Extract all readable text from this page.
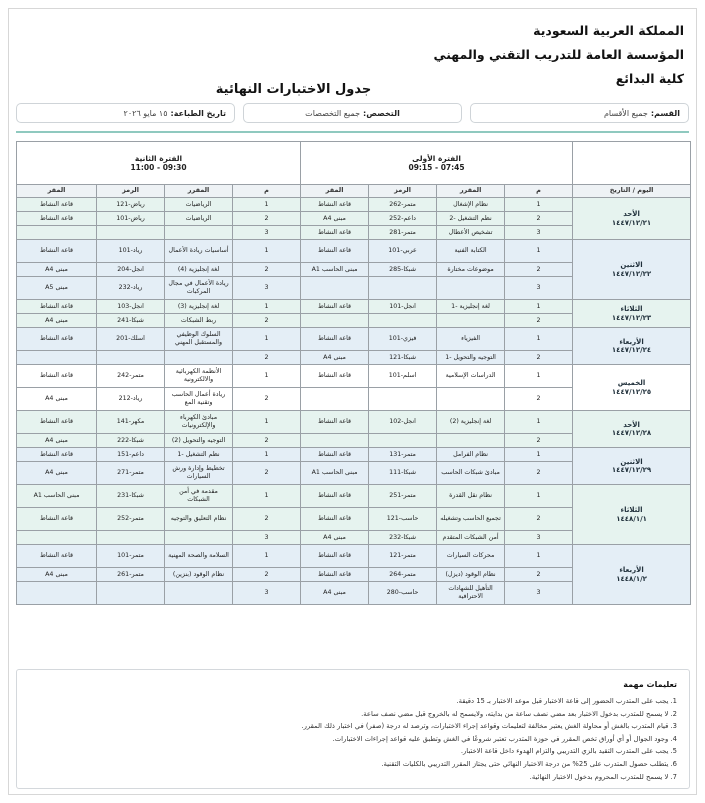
المملكة العربية السعودية
المؤسسة العامة للتدريب التقني والمهني
كلية البدائع
جدول الاختبارات النهائية
القسم:
جميع الأقسام
التخصص:
جميع التخصصات
تاريخ الطباعة:
١٥ مايو ٢٠٢٦

	الفترة الأولى
07:45 - 09:15				الفترة الثانية
09:30 - 11:00			

اليوم / التاريخ	م	المقرر	الرمز	المقر	م	المقرر	الرمز	المقر

الأحد
١٤٤٧/١٢/٢١	1	نظام الإشغال	متمر-262	قاعة النشاط	1	الرياضيات	رياض-121	قاعة النشاط
	2	نظم التشغيل -2	داعم-252	مبنى A4	2	الرياضيات	رياض-101	قاعة النشاط
	3	تشخيص الأعطال	متمر-281	قاعة النشاط	3			

الاثنين
١٤٤٧/١٢/٢٢	1	الكتابة الفنية	عربي-101	قاعة النشاط	1	أساسيات ريادة الأعمال	رياد-101	قاعة النشاط
	2	موضوعات مختارة	شبكا-285	مبنى الحاسب A1	2	لغة إنجليزية (4)	انجل-204	مبنى A4
	3				3	ريادة الأعمال في مجال المركبات	رياد-232	مبنى A5

الثلاثاء
١٤٤٧/١٢/٢٣	1	لغة إنجليزية -1	انجل-101	قاعة النشاط	1	لغة إنجليزية (3)	انجل-103	قاعة النشاط
	2				2	ربط الشبكات	شبكا-241	مبنى A4

الأربعاء
١٤٤٧/١٢/٢٤	1	الفيزياء	فيزي-101	قاعة النشاط	1	السلوك الوظيفي والمستقبل المهني	اسلك-201	قاعة النشاط
	2	التوجيه والتحويل -1	شبكا-121	مبنى A4	2			

الخميس
١٤٤٧/١٢/٢٥	1	الدراسات الإسلامية	اسلم-101	قاعة النشاط	1	الأنظمة الكهربائية والالكترونية	متمر-242	قاعة النشاط
	2				2	ريادة أعمال الحاسب وتقنية المع	رياد-212	مبنى A4

الأحد
١٤٤٧/١٢/٢٨	1	لغة إنجليزية (2)	انجل-102	قاعة النشاط	1	مبادئ الكهرباء والإلكترونيات	مكهر-141	قاعة النشاط
	2				2	التوجيه والتحويل (2)	شبكا-222	مبنى A4

الاثنين
١٤٤٧/١٢/٢٩	1	نظام الفرامل	متمر-131	قاعة النشاط	1	نظم التشغيل -1	داعم-151	قاعة النشاط
	2	مبادئ شبكات الحاسب	شبكا-111	مبنى الحاسب A1	2	تخطيط وإدارة ورش السيارات	متمر-271	مبنى A4

الثلاثاء
١٤٤٨/١/١	1	نظام نقل القدرة	متمر-251	قاعة النشاط	1	مقدمة في أمن الشبكات	شبكا-231	مبنى الحاسب A1
	2	تجميع الحاسب وتشغيله	حاسب-121	قاعة النشاط	2	نظام التعليق والتوجيه	متمر-252	قاعة النشاط
	3	أمن الشبكات المتقدم	شبكا-232	مبنى A4	3			

الأربعاء
١٤٤٨/١/٢	1	محركات السيارات	متمر-121	قاعة النشاط	1	السلامة والصحة المهنية	متمر-101	قاعة النشاط
	2	نظام الوقود (ديزل)	متمر-264	قاعة النشاط	2	نظام الوقود (بنزين)	متمر-261	مبنى A4
	3	التأهيل للشهادات الاحترافية	حاسب-280	مبنى A4	3			
تعليمات مهمة
1. يجب على المتدرب الحضور إلى قاعة الاختبار قبل موعد الاختبار بـ 15 دقيقة.
2. لا يسمح للمتدرب بدخول الاختبار بعد مضي نصف ساعة من بدايته، ولايسمح له بالخروج قبل مضي نصف ساعة.
3. قيام المتدرب بالغش أو محاولة الغش يعتبر مخالفة لتعليمات وقواعد إجراء الاختبارات، وترصد له درجة (صفر) في اختبار ذلك المقرر.
4. وجود الجوال أو أي أوراق تخص المقرر في حوزة المتدرب تعتبر شروعًا في الغش وتطبق عليه قواعد إجراءات الاختبارات.
5. يجب على المتدرب التقيد بالزي التدريبي والتزام الهدوء داخل قاعة الاختبار.
6. يتطلب حصول المتدرب على 25% من درجة الاختبار النهائي حتى يجتاز المقرر التدريبي بالكليات التقنية.
7. لا يسمح للمتدرب المحروم بدخول الاختبار النهائية.
